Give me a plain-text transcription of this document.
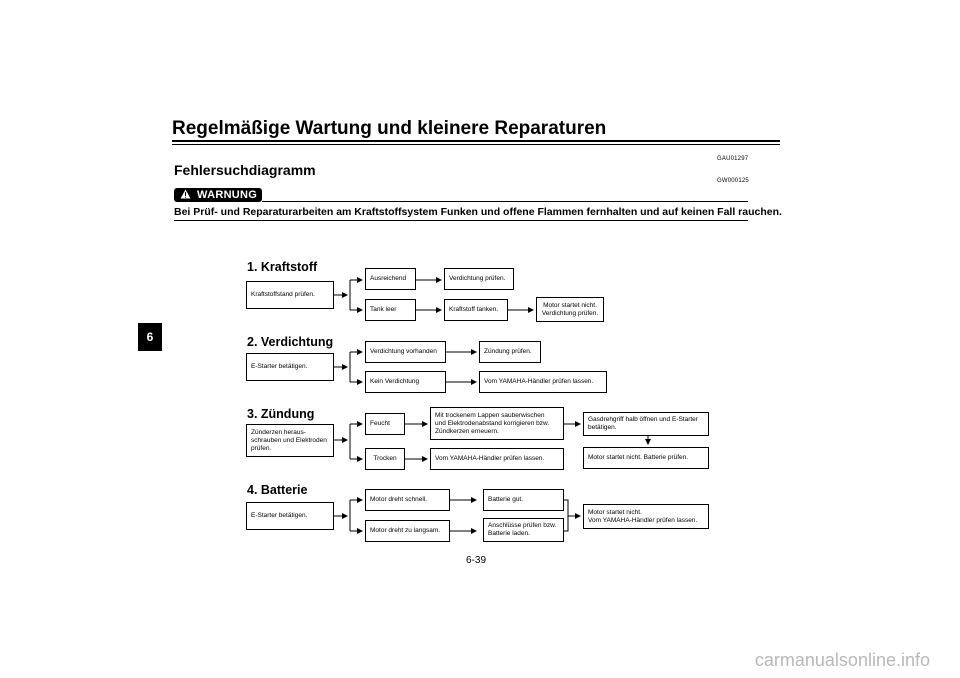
Regelmäßige Wartung und kleinere Reparaturen
GAU01297
Fehlersuchdiagramm
GW000125
WARNUNG
Bei Prüf- und Reparaturarbeiten am Kraftstoffsystem Funken und offene Flammen fernhalten und auf keinen Fall rauchen.
6
1. Kraftstoff
Kraftstoffstand prüfen.
Ausreichend	Verdichtung prüfen.
Tank leer	Kraftstoff tanken.
Motor startet nicht.
Verdichtung prüfen.
2. Verdichtung
E-Starter betätigen.
Verdichtung vorhanden	Zündung prüfen.
Kein Verdichtung	Vom YAMAHA-Händler prüfen lassen.
3. Zündung
Zünderzen heraus-
schrauben und Elektroden
prüfen.
Feucht
Mit trockenem Lappen sauberwischen
und Elektrodenabstand korrigieren bzw.
Zündkerzen erneuern.
Gasdrehgriff halb öffnen und E-Starter
betätigen.
Motor startet nicht. Batterie prüfen.
Trocken	Vom YAMAHA-Händler prüfen lassen.
4. Batterie
E-Starter betätigen.
Motor dreht schnell.	Batterie gut.
Motor dreht zu langsam.
Anschlüsse prüfen bzw.
Batterie laden.
Motor startet nicht.
Vom YAMAHA-Händler prüfen lassen.
6-39
carmanualsonline.info
